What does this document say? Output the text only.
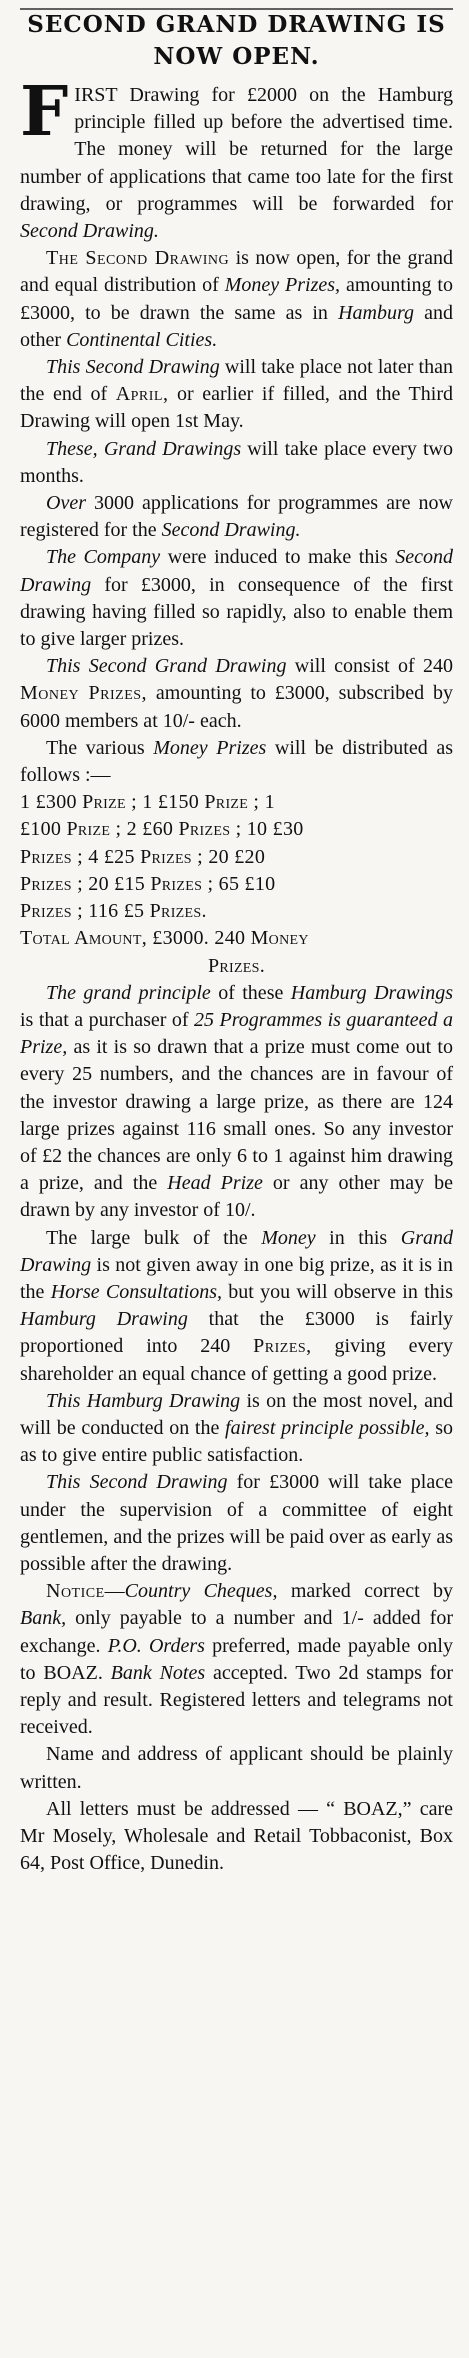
SECOND GRAND DRAWING IS
NOW OPEN.

FIRST Drawing for £2000 on the Hamburg principle filled up before the advertised time. The money will be returned for the large number of applications that came too late for the first drawing, or programmes will be forwarded for Second Drawing.

The Second Drawing is now open, for the grand and equal distribution of Money Prizes, amounting to £3000, to be drawn the same as in Hamburg and other Continental Cities.

This Second Drawing will take place not later than the end of April, or earlier if filled, and the Third Drawing will open 1st May.

These, Grand Drawings will take place every two months.

Over 3000 applications for programmes are now registered for the Second Drawing.

The Company were induced to make this Second Drawing for £3000, in consequence of the first drawing having filled so rapidly, also to enable them to give larger prizes.

This Second Grand Drawing will consist of 240 Money Prizes, amounting to £3000, subscribed by 6000 members at 10/- each.

The various Money Prizes will be distributed as follows :—

1 £300 Prize ; 1 £150 Prize ; 1

£100 Prize ; 2 £60 Prizes ; 10 £30

Prizes ; 4 £25 Prizes ; 20 £20

Prizes ; 20 £15 Prizes ; 65 £10

Prizes ; 116 £5 Prizes.

Total Amount, £3000. 240 Money

Prizes.

The grand principle of these Hamburg Drawings is that a purchaser of 25 Programmes is guaranteed a Prize, as it is so drawn that a prize must come out to every 25 numbers, and the chances are in favour of the investor drawing a large prize, as there are 124 large prizes against 116 small ones. So any investor of £2 the chances are only 6 to 1 against him drawing a prize, and the Head Prize or any other may be drawn by any investor of 10/.

The large bulk of the Money in this Grand Drawing is not given away in one big prize, as it is in the Horse Consultations, but you will observe in this Hamburg Drawing that the £3000 is fairly proportioned into 240 Prizes, giving every shareholder an equal chance of getting a good prize.

This Hamburg Drawing is on the most novel, and will be conducted on the fairest principle possible, so as to give entire public satisfaction.

This Second Drawing for £3000 will take place under the supervision of a committee of eight gentlemen, and the prizes will be paid over as early as possible after the drawing.

Notice—Country Cheques, marked correct by Bank, only payable to a number and 1/- added for exchange. P.O. Orders preferred, made payable only to BOAZ. Bank Notes accepted. Two 2d stamps for reply and result. Registered letters and telegrams not received.

Name and address of applicant should be plainly written.

All letters must be addressed — “ BOAZ,” care Mr Mosely, Wholesale and Retail Tobbaconist, Box 64, Post Office, Dunedin.
